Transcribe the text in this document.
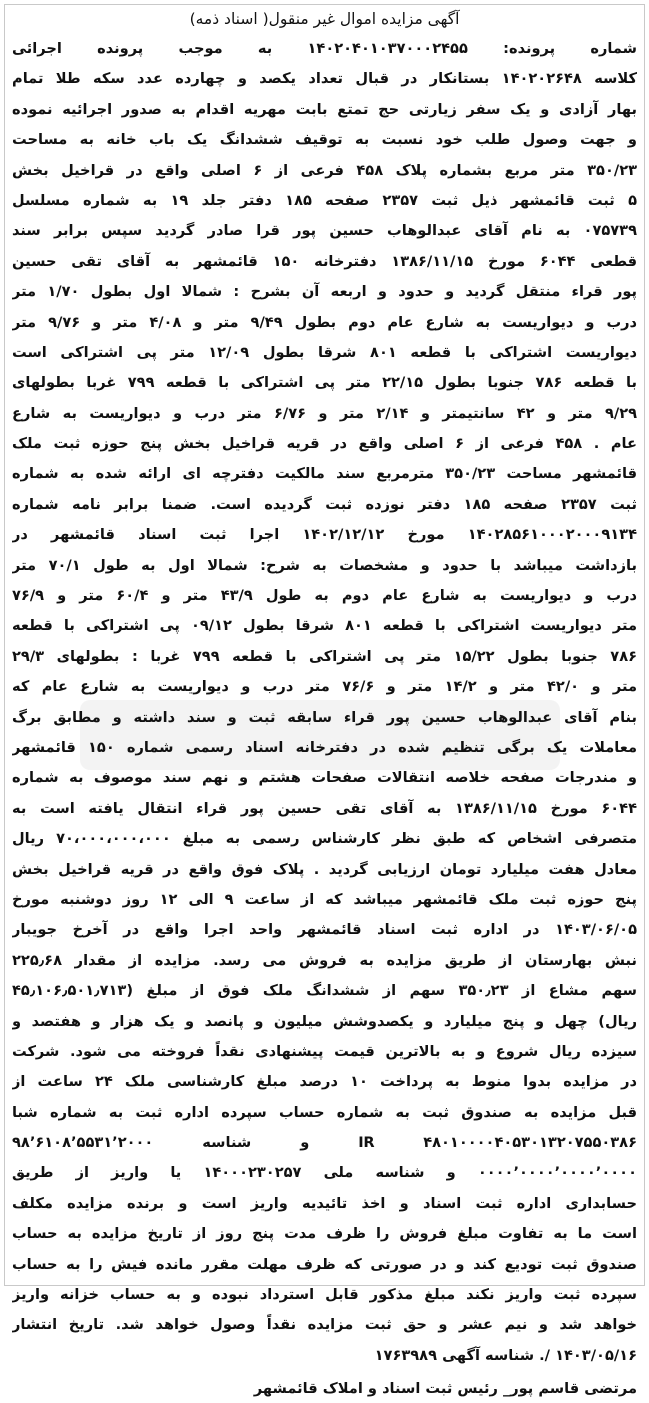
آگهی مزایده اموال غیر منقول( اسناد ذمه)
شماره پرونده: ۱۴۰۲۰۴۰۱۰۳۷۰۰۰۲۴۵۵ به موجب پرونده اجرائی
کلاسه ۱۴۰۲۰۲۶۴۸ بستانکار در قبال تعداد یکصد و چهارده عدد سکه طلا تمام
بهار آزادی و یک سفر زیارتی حج تمتع بابت مهریه اقدام به صدور اجرائیه نموده
و جهت وصول طلب خود نسبت به توقیف ششدانگ یک باب خانه به مساحت
۳۵۰/۲۳ متر مربع بشماره پلاک ۴۵۸ فرعی از ۶ اصلی واقع در قراخیل بخش
۵ ثبت قائمشهر ذیل ثبت ۲۳۵۷ صفحه ۱۸۵ دفتر جلد ۱۹ به شماره مسلسل
۰۷۵۷۳۹ به نام آقای عبدالوهاب حسین پور قرا صادر گردید سپس برابر سند
قطعی ۶۰۴۴ مورخ ۱۳۸۶/۱۱/۱۵ دفترخانه ۱۵۰ قائمشهر به آقای تقی حسین
پور قراء منتقل گردید و حدود و اربعه آن بشرح : شمالا اول بطول ۱/۷۰ متر
درب و دیواریست به شارع عام دوم بطول ۹/۴۹ متر و ۴/۰۸ متر و ۹/۷۶ متر
دیواریست اشتراکی با قطعه ۸۰۱ شرقا بطول ۱۲/۰۹ متر پی اشتراکی است
با قطعه ۷۸۶ جنوبا بطول ۲۲/۱۵ متر پی اشتراکی با قطعه ۷۹۹ غربا بطولهای
۹/۲۹ متر و ۴۲ سانتیمتر و ۲/۱۴ متر و ۶/۷۶ متر درب و دیواریست به شارع
عام . ۴۵۸ فرعی از ۶ اصلی واقع در قریه قراخیل بخش پنج حوزه ثبت ملک
قائمشهر مساحت ۳۵۰/۲۳ مترمربع سند مالکیت دفترچه ای ارائه شده به شماره
ثبت ۲۳۵۷ صفحه ۱۸۵ دفتر نوزده ثبت گردیده است. ضمنا برابر نامه شماره
۱۴۰۲۸۵۶۱۰۰۰۲۰۰۰۹۱۳۴ مورخ ۱۴۰۲/۱۲/۱۲ اجرا ثبت اسناد قائمشهر در
بازداشت میباشد با حدود و مشخصات به شرح: شمالا اول به طول ۷۰/۱ متر
درب و دیواریست به شارع عام دوم به طول ۴۳/۹ متر و ۶۰/۴ متر و ۷۶/۹
متر دیواریست اشتراکی با قطعه ۸۰۱ شرقا بطول ۰۹/۱۲ پی اشتراکی با قطعه
۷۸۶ جنوبا بطول ۱۵/۲۲ متر پی اشتراکی با قطعه ۷۹۹ غربا : بطولهای ۲۹/۳
متر و ۴۲/۰ متر و ۱۴/۲ متر و ۷۶/۶ متر درب و دیواریست به شارع عام که
بنام آقای عبدالوهاب حسین پور قراء سابقه ثبت و سند داشته و مطابق برگ
معاملات یک برگی تنظیم شده در دفترخانه اسناد رسمی شماره ۱۵۰ قائمشهر
و مندرجات صفحه خلاصه انتقالات صفحات هشتم و نهم سند موصوف به شماره
۶۰۴۴ مورخ ۱۳۸۶/۱۱/۱۵ به آقای تقی حسین پور قراء انتقال یافته است به
متصرفی اشخاص که طبق نظر کارشناس رسمی به مبلغ ۷۰،۰۰۰،۰۰۰،۰۰۰ ریال
معادل هفت میلیارد تومان ارزیابی گردید . پلاک فوق واقع در قریه قراخیل بخش
پنج حوزه ثبت ملک قائمشهر میباشد که از ساعت ۹ الی ۱۲ روز دوشنبه مورخ
۱۴۰۳/۰۶/۰۵ در اداره ثبت اسناد قائمشهر واحد اجرا واقع در آخرخ جویبار
نبش بهارستان از طریق مزایده به فروش می رسد. مزایده از مقدار ۲۲۵٫۶۸
سهم مشاع از ۳۵۰٫۲۳ سهم از ششدانگ ملک فوق از مبلغ (۴۵٫۱۰۶٫۵۰۱٫۷۱۳
ریال) چهل و پنج میلیارد و یکصدوشش میلیون و پانصد و یک هزار و هفتصد و
سیزده ریال شروع و به بالاترین قیمت پیشنهادی نقداً فروخته می شود. شرکت
در مزایده بدوا منوط به پرداخت ۱۰ درصد مبلغ کارشناسی ملک ۲۴ ساعت از
قبل مزایده به صندوق ثبت به شماره حساب سپرده اداره ثبت به شماره شبا
IR ۴۸۰۱۰۰۰۰۴۰۵۳۰۱۳۲۰۷۵۵۰۳۸۶ و شناسه ۹۸٬۶۱۰۸٬۵۵۳۱٬۲۰۰۰
۰۰۰۰٬۰۰۰۰٬۰۰۰۰٬۰۰۰۰ و شناسه ملی ۱۴۰۰۰۲۳۰۲۵۷ یا واریز از طریق
حسابداری اداره ثبت اسناد و اخذ تائیدیه واریز است و برنده مزایده مکلف
است ما به تفاوت مبلغ فروش را ظرف مدت پنج روز از تاریخ مزایده به حساب
صندوق ثبت تودیع کند و در صورتی که ظرف مهلت مقرر مانده فیش را به حساب
سپرده ثبت واریز نکند مبلغ مذکور قابل استرداد نبوده و به حساب خزانه واریز
خواهد شد و نیم عشر و حق ثبت مزایده نقداً وصول خواهد شد. تاریخ انتشار
۱۴۰۳/۰۵/۱۶ /. شناسه آگهی ۱۷۶۳۹۸۹
مرتضی قاسم پور_ رئیس ثبت اسناد و املاک قائمشهر
